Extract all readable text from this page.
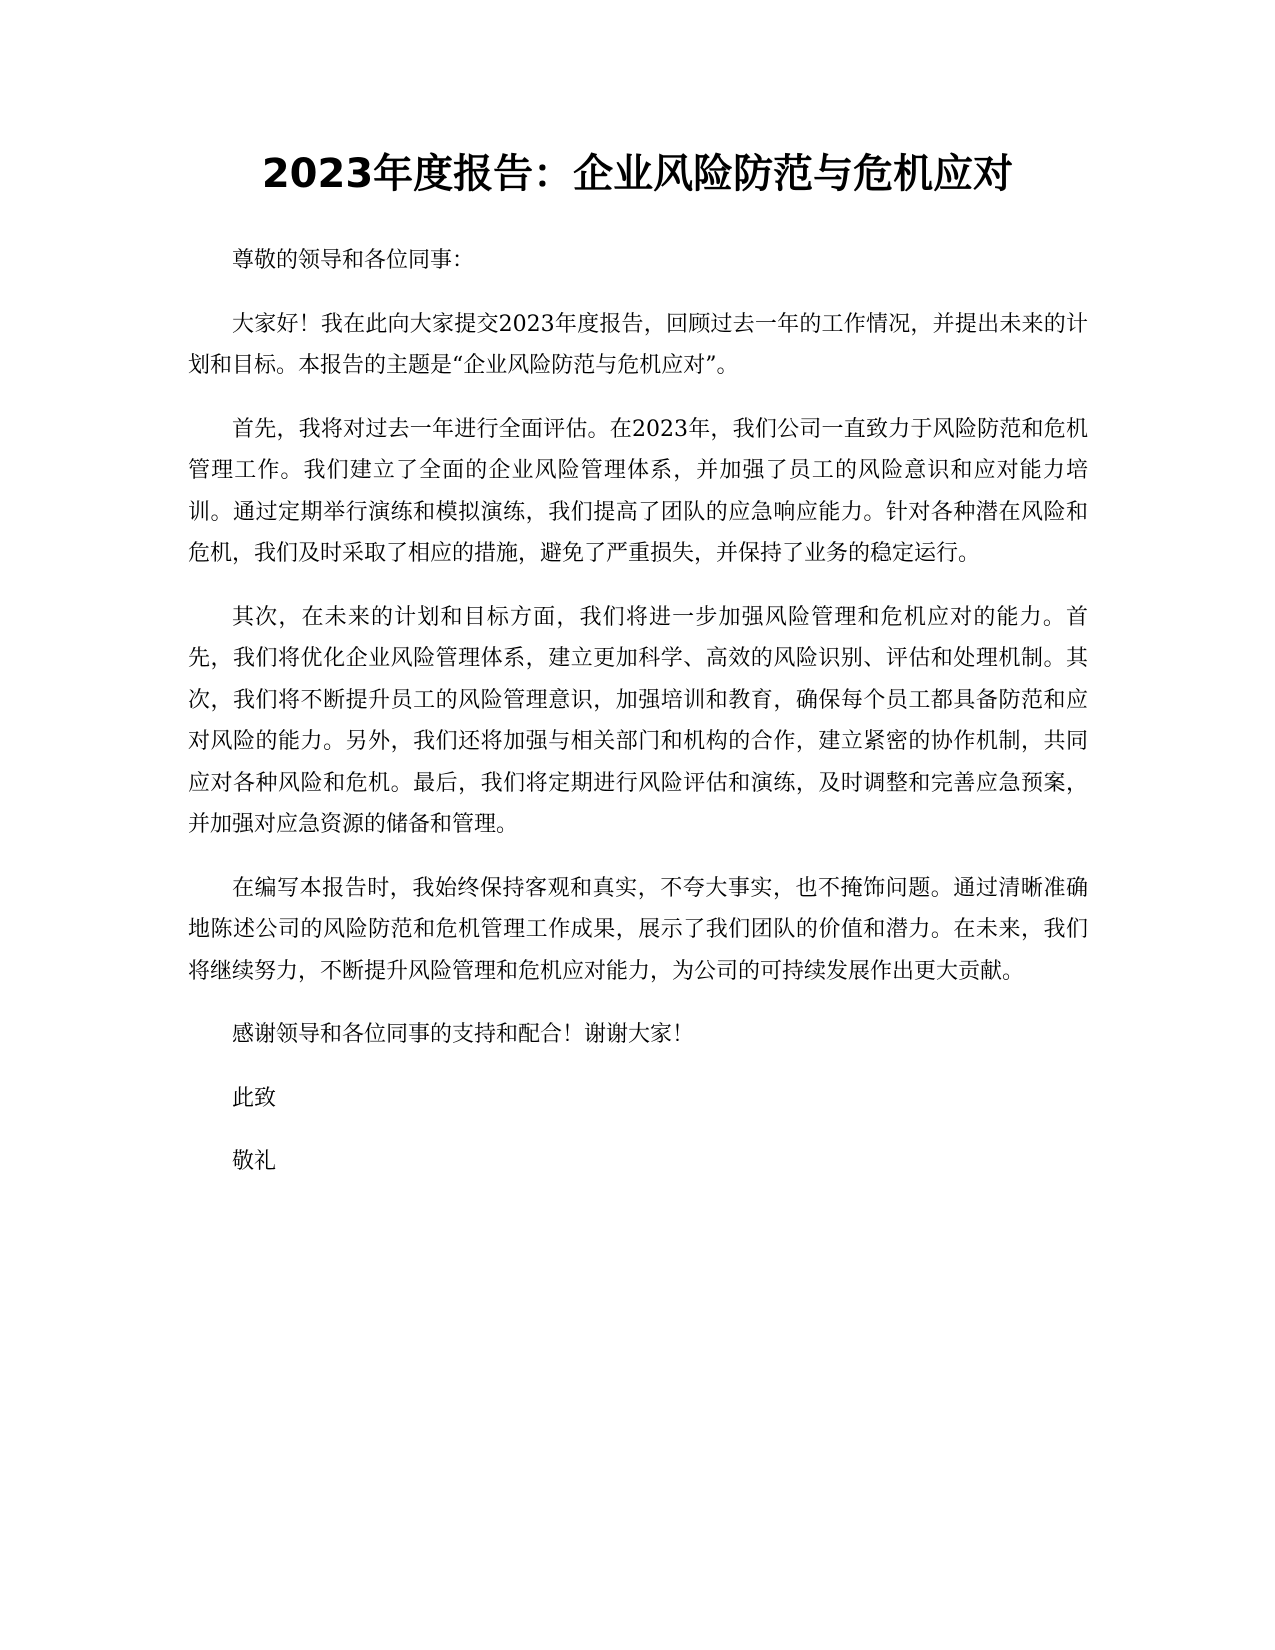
2023年度报告：企业风险防范与危机应对

尊敬的领导和各位同事：

大家好！我在此向大家提交2023年度报告，回顾过去一年的工作情况，并提出未来的计划和目标。本报告的主题是“企业风险防范与危机应对”。

首先，我将对过去一年进行全面评估。在2023年，我们公司一直致力于风险防范和危机管理工作。我们建立了全面的企业风险管理体系，并加强了员工的风险意识和应对能力培训。通过定期举行演练和模拟演练，我们提高了团队的应急响应能力。针对各种潜在风险和危机，我们及时采取了相应的措施，避免了严重损失，并保持了业务的稳定运行。

其次，在未来的计划和目标方面，我们将进一步加强风险管理和危机应对的能力。首先，我们将优化企业风险管理体系，建立更加科学、高效的风险识别、评估和处理机制。其次，我们将不断提升员工的风险管理意识，加强培训和教育，确保每个员工都具备防范和应对风险的能力。另外，我们还将加强与相关部门和机构的合作，建立紧密的协作机制，共同应对各种风险和危机。最后，我们将定期进行风险评估和演练，及时调整和完善应急预案，并加强对应急资源的储备和管理。

在编写本报告时，我始终保持客观和真实，不夸大事实，也不掩饰问题。通过清晰准确地陈述公司的风险防范和危机管理工作成果，展示了我们团队的价值和潜力。在未来，我们将继续努力，不断提升风险管理和危机应对能力，为公司的可持续发展作出更大贡献。

感谢领导和各位同事的支持和配合！谢谢大家！

此致

敬礼
